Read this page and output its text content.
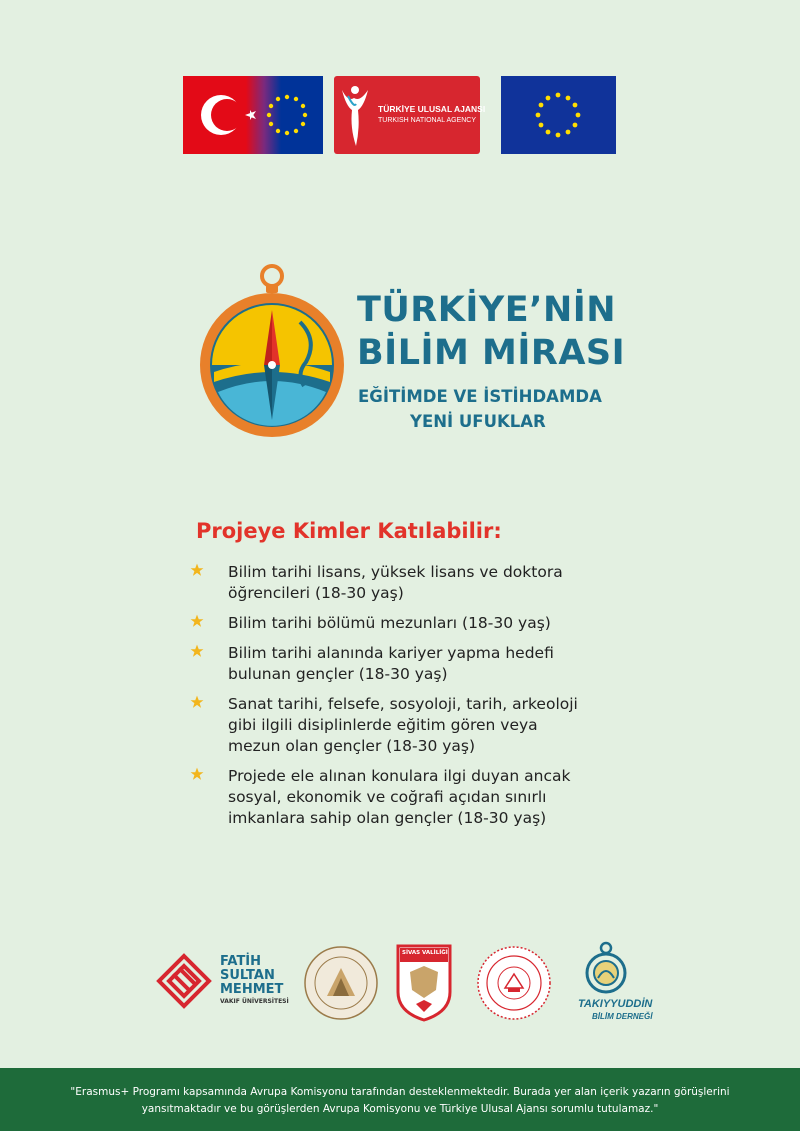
TÜRKİYE ULUSAL AJANSI
TURKISH NATIONAL AGENCY
TÜRKİYE’NİN
BİLİM MİRASI
EĞİTİMDE VE İSTİHDAMDA
YENİ UFUKLAR
Projeye Kimler Katılabilir:
Bilim tarihi lisans, yüksek lisans ve doktora
öğrencileri (18-30 yaş)
Bilim tarihi bölümü mezunları (18-30 yaş)
Bilim tarihi alanında kariyer yapma hedefi
bulunan gençler (18-30 yaş)
Sanat tarihi, felsefe, sosyoloji, tarih, arkeoloji
gibi ilgili disiplinlerde eğitim gören veya
mezun olan gençler (18-30 yaş)
Projede ele alınan konulara ilgi duyan ancak
sosyal, ekonomik ve coğrafi açıdan sınırlı
imkanlara sahip olan gençler (18-30 yaş)
FATİH
SULTAN
MEHMET
VAKIF ÜNİVERSİTESİ
SİVAS VALİLİĞİ
TAKIYYUDDİN
BİLİM DERNEĞİ
"Erasmus+ Programı kapsamında Avrupa Komisyonu tarafından desteklenmektedir. Burada yer alan içerik yazarın görüşlerini yansıtmaktadır ve bu görüşlerden Avrupa Komisyonu ve Türkiye Ulusal Ajansı sorumlu tutulamaz."
